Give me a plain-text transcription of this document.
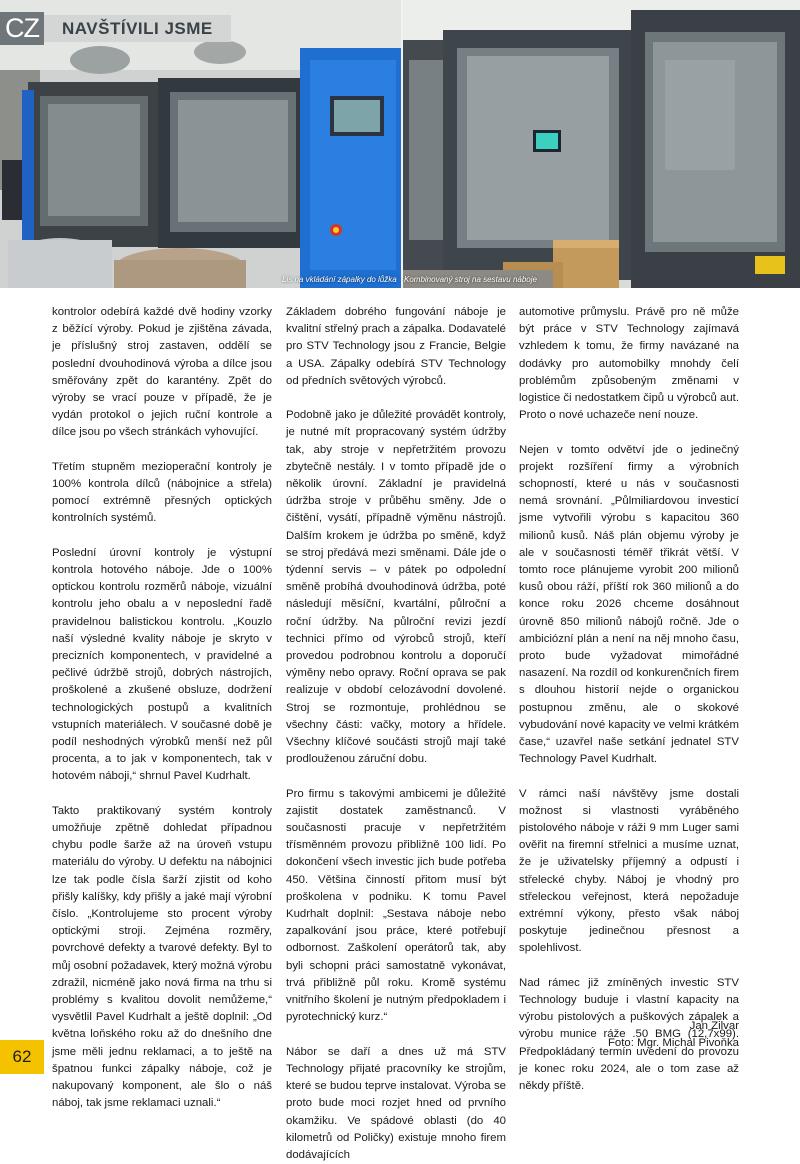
CZ	NAVŠTÍVILI JSME
Lis na vkládání zápalky do lůžka Kombinovaný stroj na sestavu náboje

kontrolor odebírá každé dvě hodiny vzorky z běžící výroby. Pokud je zjištěna závada, je příslušný stroj zastaven, oddělí se poslední dvouhodinová výroba a dílce jsou směřovány zpět do karantény. Zpět do výroby se vrací pouze v případě, že je vydán protokol o jejich ruční kontrole a dílce jsou po všech stránkách vyhovující.

Třetím stupněm mezioperační kontroly je 100% kontrola dílců (nábojnice a střela) pomocí extrémně přesných optických kontrolních systémů.

Poslední úrovní kontroly je výstupní kontrola hotového náboje. Jde o 100% optickou kontrolu rozměrů náboje, vizuální kontrolu jeho obalu a v neposlední řadě pravidelnou balistickou kontrolu. „Kouzlo naší výsledné kvality náboje je skryto v precizních komponentech, v pravidelné a pečlivé údržbě strojů, dobrých nástrojích, proškolené a zkušené obsluze, dodržení technologických postupů a kvalitních vstupních materiálech. V současné době je podíl neshodných výrobků menší než půl procenta, a to jak v komponentech, tak v hotovém náboji,“ shrnul Pavel Kudrhalt.

Takto praktikovaný systém kontroly umožňuje zpětně dohledat případnou chybu podle šarže až na úroveň vstupu materiálu do výroby. U defektu na nábojnici lze tak podle čísla šarží zjistit od koho přišly kalíšky, kdy přišly a jaké mají výrobní číslo. „Kontrolujeme sto procent výroby optickými stroji. Zejména rozměry, povrchové defekty a tvarové defekty. Byl to můj osobní požadavek, který možná výrobu zdražil, nicméně jako nová firma na trhu si problémy s kvalitou dovolit nemůžeme,“ vysvětlil Pavel Kudrhalt a ještě doplnil: „Od května loňského roku až do dnešního dne jsme měli jednu reklamaci, a to ještě na špatnou funkci zápalky náboje, což je nakupovaný komponent, ale šlo o náš náboj, tak jsme reklamaci uznali.“

Základem dobrého fungování náboje je kvalitní střelný prach a zápalka. Dodavatelé pro STV Technology jsou z Francie, Belgie a USA. Zápalky odebírá STV Technology od předních světových výrobců.

Podobně jako je důležité provádět kontroly, je nutné mít propracovaný systém údržby tak, aby stroje v nepřetržitém provozu zbytečně nestály. I v tomto případě jde o několik úrovní. Základní je pravidelná údržba stroje v průběhu směny. Jde o čištění, vysátí, případně výměnu nástrojů. Dalším krokem je údržba po směně, když se stroj předává mezi směnami. Dále jde o týdenní servis – v pátek po odpolední směně probíhá dvouhodinová údržba, poté následují měsíční, kvartální, půlroční a roční údržby. Na půlroční revizi jezdí technici přímo od výrobců strojů, kteří provedou podrobnou kontrolu a doporučí výměny nebo opravy. Roční oprava se pak realizuje v období celozávodní dovolené. Stroj se rozmontuje, prohlédnou se všechny části: vačky, motory a hřídele. Všechny klíčové součásti strojů mají také prodlouženou záruční dobu.

Pro firmu s takovými ambicemi je důležité zajistit dostatek zaměstnanců. V současnosti pracuje v nepřetržitém třísměnném provozu přibližně 100 lidí. Po dokončení všech investic jich bude potřeba 450. Většina činností přitom musí být proškolena v podniku. K tomu Pavel Kudrhalt doplnil: „Sestava náboje nebo zapalkování jsou práce, které potřebují odbornost. Zaškolení operátorů tak, aby byli schopni práci samostatně vykonávat, trvá přibližně půl roku. Kromě systému vnitřního školení je nutným předpokladem i pyrotechnický kurz.“

Nábor se daří a dnes už má STV Technology přijaté pracovníky ke strojům, které se budou teprve instalovat. Výroba se proto bude moci rozjet hned od prvního okamžiku. Ve spádové oblasti (do 40 kilometrů od Poličky) existuje mnoho firem dodávajících

automotive průmyslu. Právě pro ně může být práce v STV Technology zajímavá vzhledem k tomu, že firmy navázané na dodávky pro automobilky mnohdy čelí problémům způsobeným změnami v logistice či nedostatkem čipů u výrobců aut. Proto o nové uchazeče není nouze.

Nejen v tomto odvětví jde o jedinečný projekt rozšíření firmy a výrobních schopností, které u nás v současnosti nemá srovnání. „Půlmiliardovou investicí jsme vytvořili výrobu s kapacitou 360 milionů kusů. Náš plán objemu výroby je ale v současnosti téměř třikrát větší. V tomto roce plánujeme vyrobit 200 milionů kusů obou ráží, příští rok 360 milionů a do konce roku 2026 chceme dosáhnout úrovně 850 milionů nábojů ročně. Jde o ambiciózní plán a není na něj mnoho času, proto bude vyžadovat mimořádné nasazení. Na rozdíl od konkurenčních firem s dlouhou historií nejde o organickou postupnou změnu, ale o skokové vybudování nové kapacity ve velmi krátkém čase,“ uzavřel naše setkání jednatel STV Technology Pavel Kudrhalt.

V rámci naší návštěvy jsme dostali možnost si vlastnosti vyráběného pistolového náboje v ráži 9 mm Luger sami ověřit na firemní střelnici a musíme uznat, že je uživatelsky příjemný a odpustí i střelecké chyby. Náboj je vhodný pro střeleckou veřejnost, která nepožaduje extrémní výkony, přesto však náboj poskytuje jedinečnou přesnost a spolehlivost.

Nad rámec již zmíněných investic STV Technology buduje i vlastní kapacity na výrobu pistolových a puškových zápalek a výrobu munice ráže .50 BMG (12,7x99). Předpokládaný termín uvedení do provozu je konec roku 2024, ale o tom zase až někdy příště.

Jan Zilvar
Foto: Mgr. Michal Pivoňka
62
